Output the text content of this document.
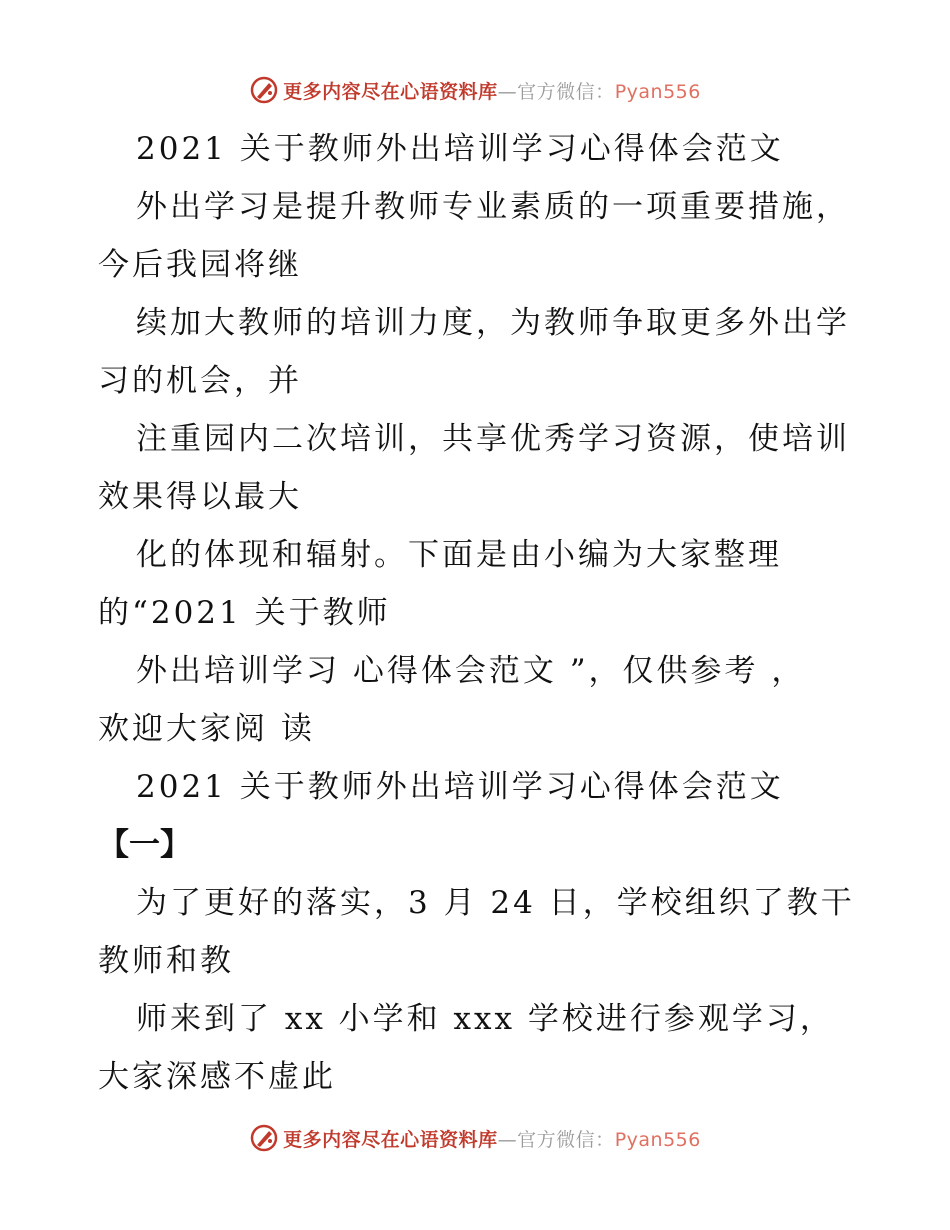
更多内容尽在心语资料库—官方微信：Pyan556
2021 关于教师外出培训学习心得体会范文
外出学习是提升教师专业素质的一项重要措施，
今后我园将继
续加大教师的培训力度，为教师争取更多外出学
习的机会，并
注重园内二次培训，共享优秀学习资源，使培训
效果得以最大
化的体现和辐射。下面是由小编为大家整理
的“2021 关于教师
外出培训学习 心得体会范文 ”，仅供参考 ，
欢迎大家阅 读
2021 关于教师外出培训学习心得体会范文
【一】
为了更好的落实，3 月 24 日，学校组织了教干
教师和教
师来到了 xx 小学和 xxx 学校进行参观学习，
大家深感不虚此
更多内容尽在心语资料库—官方微信：Pyan556
